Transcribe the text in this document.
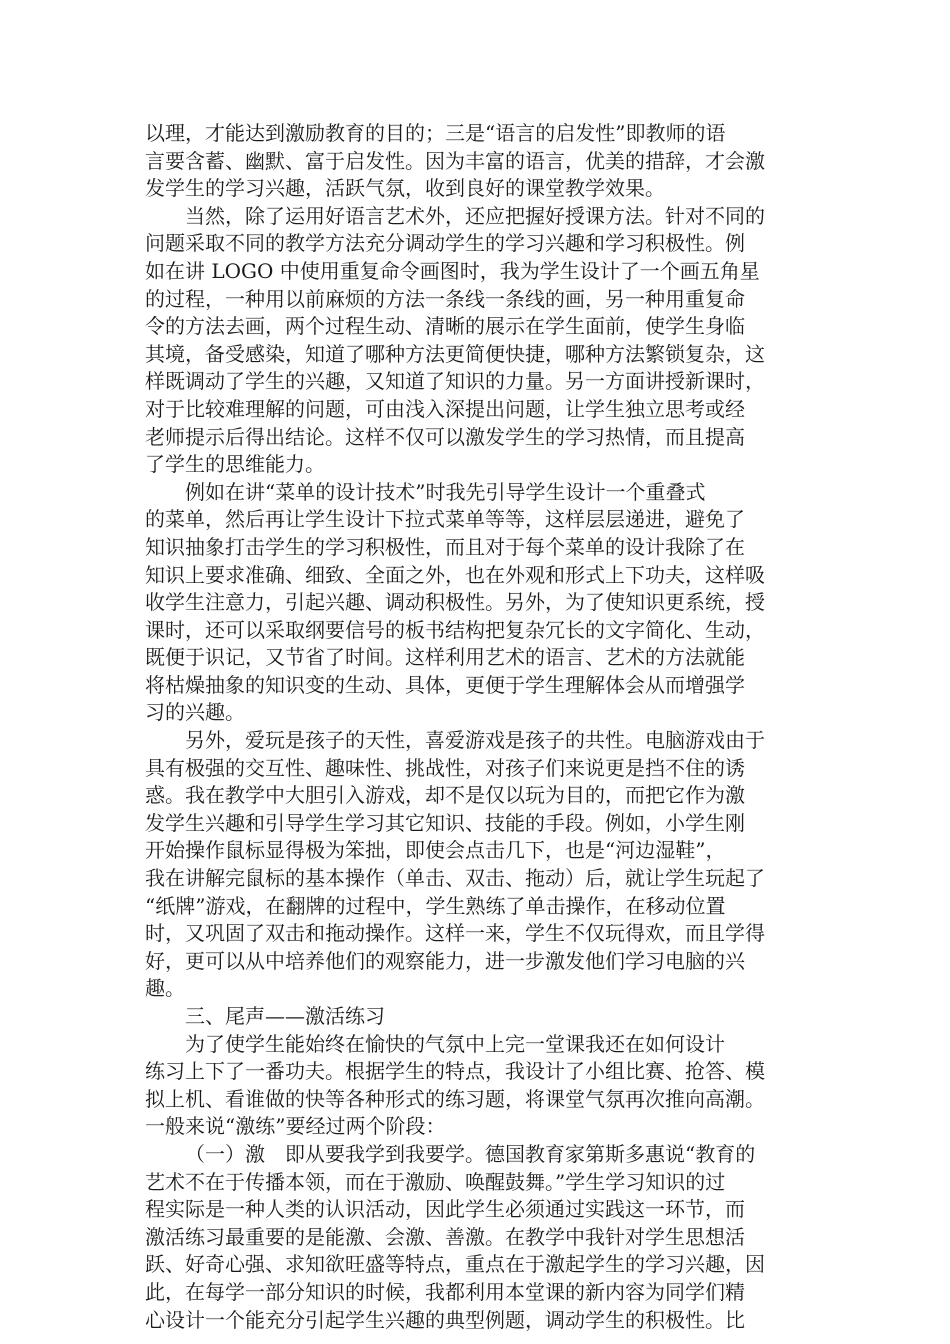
以理，才能达到激励教育的目的；三是“语言的启发性”即教师的语
言要含蓄、幽默、富于启发性。因为丰富的语言，优美的措辞，才会激
发学生的学习兴趣，活跃气氛，收到良好的课堂教学效果。
当然，除了运用好语言艺术外，还应把握好授课方法。针对不同的
问题采取不同的教学方法充分调动学生的学习兴趣和学习积极性。例
如在讲 LOGO 中使用重复命令画图时，我为学生设计了一个画五角星
的过程，一种用以前麻烦的方法一条线一条线的画，另一种用重复命
令的方法去画，两个过程生动、清晰的展示在学生面前，使学生身临
其境，备受感染，知道了哪种方法更简便快捷，哪种方法繁锁复杂，这
样既调动了学生的兴趣，又知道了知识的力量。另一方面讲授新课时，
对于比较难理解的问题，可由浅入深提出问题，让学生独立思考或经
老师提示后得出结论。这样不仅可以激发学生的学习热情，而且提高
了学生的思维能力。
例如在讲“菜单的设计技术”时我先引导学生设计一个重叠式
的菜单，然后再让学生设计下拉式菜单等等，这样层层递进，避免了
知识抽象打击学生的学习积极性，而且对于每个菜单的设计我除了在
知识上要求准确、细致、全面之外，也在外观和形式上下功夫，这样吸
收学生注意力，引起兴趣、调动积极性。另外，为了使知识更系统，授
课时，还可以采取纲要信号的板书结构把复杂冗长的文字简化、生动，
既便于识记，又节省了时间。这样利用艺术的语言、艺术的方法就能
将枯燥抽象的知识变的生动、具体，更便于学生理解体会从而增强学
习的兴趣。
另外，爱玩是孩子的天性，喜爱游戏是孩子的共性。电脑游戏由于
具有极强的交互性、趣味性、挑战性，对孩子们来说更是挡不住的诱
惑。我在教学中大胆引入游戏，却不是仅以玩为目的，而把它作为激
发学生兴趣和引导学生学习其它知识、技能的手段。例如，小学生刚
开始操作鼠标显得极为笨拙，即使会点击几下，也是“河边湿鞋”，
我在讲解完鼠标的基本操作（单击、双击、拖动）后，就让学生玩起了
“纸牌”游戏，在翻牌的过程中，学生熟练了单击操作，在移动位置
时，又巩固了双击和拖动操作。这样一来，学生不仅玩得欢，而且学得
好，更可以从中培养他们的观察能力，进一步激发他们学习电脑的兴
趣。
三、尾声——激活练习
为了使学生能始终在愉快的气氛中上完一堂课我还在如何设计
练习上下了一番功夫。根据学生的特点，我设计了小组比赛、抢答、模
拟上机、看谁做的快等各种形式的练习题，将课堂气氛再次推向高潮。
一般来说“激练”要经过两个阶段：
（一）激　即从要我学到我要学。德国教育家第斯多惠说“教育的
艺术不在于传播本领，而在于激励、唤醒鼓舞。”学生学习知识的过
程实际是一种人类的认识活动，因此学生必须通过实践这一环节，而
激活练习最重要的是能激、会激、善激。在教学中我针对学生思想活
跃、好奇心强、求知欲旺盛等特点，重点在于激起学生的学习兴趣，因
此，在每学一部分知识的时候，我都利用本堂课的新内容为同学们精
心设计一个能充分引起学生兴趣的典型例题，调动学生的积极性。比
